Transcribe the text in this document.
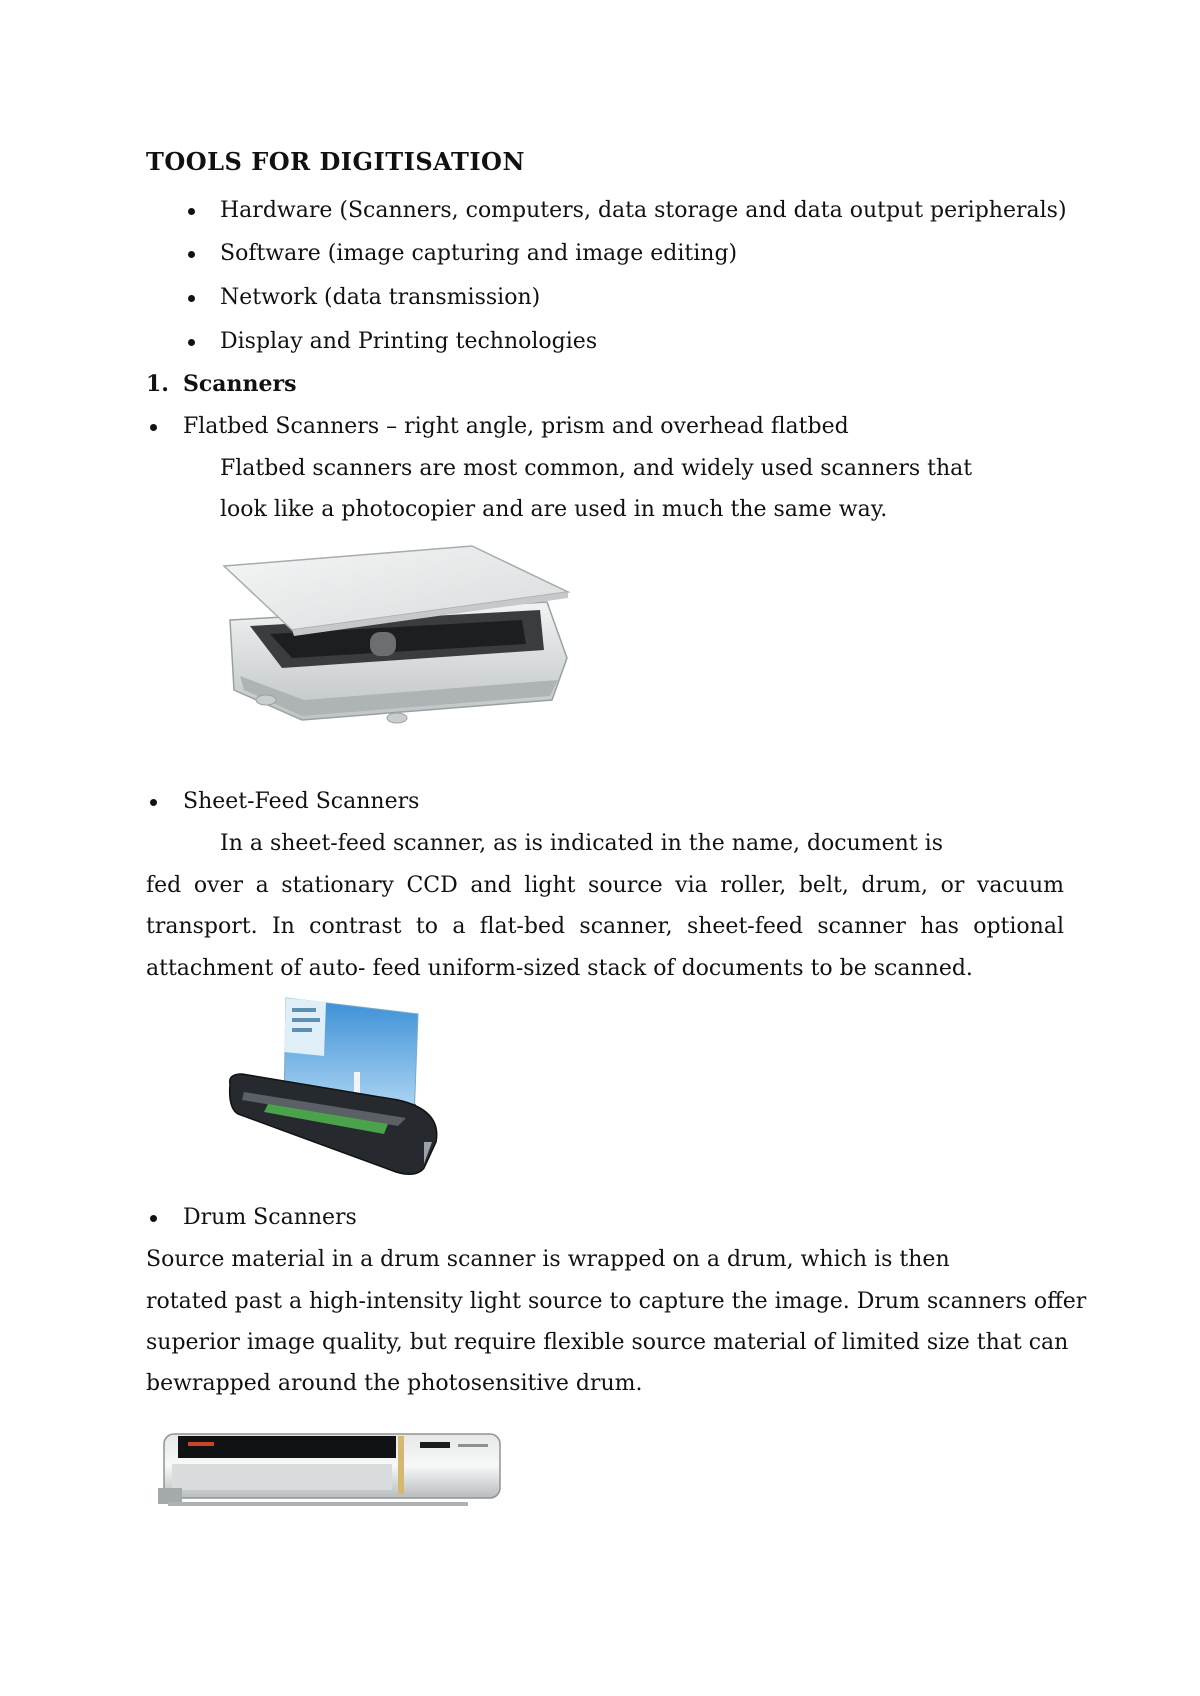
TOOLS FOR DIGITISATION
Hardware (Scanners, computers, data storage and data output peripherals)
Software (image capturing and image editing)
Network (data transmission)
Display and Printing technologies
1. Scanners
Flatbed Scanners – right angle, prism and overhead flatbed
Flatbed scanners are most common, and widely used scanners that
look like a photocopier and are used in much the same way.
Sheet-Feed Scanners
In a sheet-feed scanner, as is indicated in the name, document is
fed over a stationary CCD and light source via roller, belt, drum, or vacuum
transport. In contrast to a flat-bed scanner, sheet-feed scanner has optional
attachment of auto- feed uniform-sized stack of documents to be scanned.
Drum Scanners
Source material in a drum scanner is wrapped on a drum, which is then
rotated past a high-intensity light source to capture the image. Drum scanners offer
superior image quality, but require flexible source material of limited size that can
bewrapped around the photosensitive drum.
